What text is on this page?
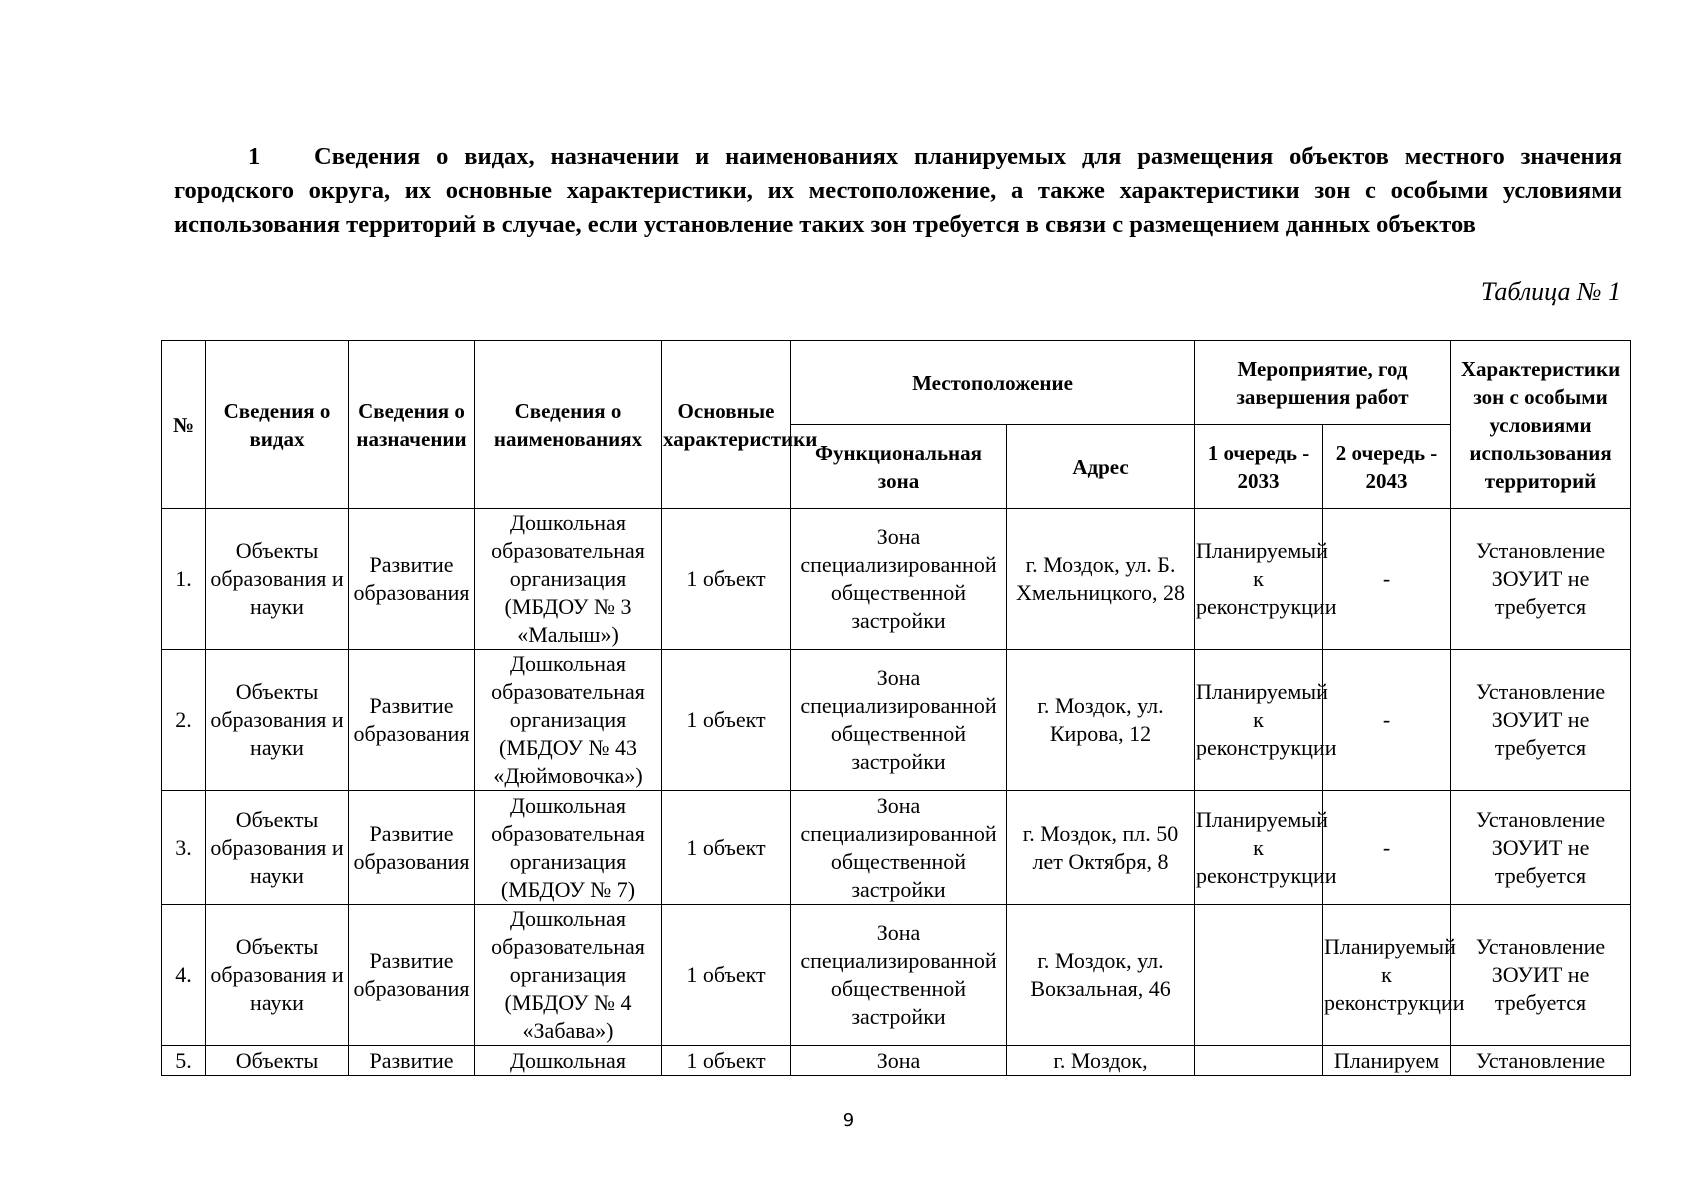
1 Сведения о видах, назначении и наименованиях планируемых для размещения объектов местного значения городского округа, их основные характеристики, их местоположение, а также характеристики зон с особыми условиями использования территорий в случае, если установление таких зон требуется в связи с размещением данных объектов

Таблица № 1

№	Сведения о видах	Сведения о назначении	Сведения о наименованиях	Основные характеристики	Местоположение		Мероприятие, год завершения работ		Характеристики зон с особыми условиями использования территорий
					Функциональная зона	Адрес	1 очередь - 2033	2 очередь - 2043	
1.	Объекты образования и науки	Развитие образования	Дошкольная образовательная организация (МБДОУ № 3 «Малыш»)	1 объект	Зона специализированной общественной застройки	г. Моздок, ул. Б. Хмельницкого, 28	Планируемый к реконструкции	-	Установление ЗОУИТ не требуется
2.	Объекты образования и науки	Развитие образования	Дошкольная образовательная организация (МБДОУ № 43 «Дюймовочка»)	1 объект	Зона специализированной общественной застройки	г. Моздок, ул. Кирова, 12	Планируемый к реконструкции	-	Установление ЗОУИТ не требуется
3.	Объекты образования и науки	Развитие образования	Дошкольная образовательная организация (МБДОУ № 7)	1 объект	Зона специализированной общественной застройки	г. Моздок, пл. 50 лет Октября, 8	Планируемый к реконструкции	-	Установление ЗОУИТ не требуется
4.	Объекты образования и науки	Развитие образования	Дошкольная образовательная организация (МБДОУ № 4 «Забава»)	1 объект	Зона специализированной общественной застройки	г. Моздок, ул. Вокзальная, 46		Планируемый к реконструкции	Установление ЗОУИТ не требуется
5.	Объекты	Развитие	Дошкольная	1 объект	Зона	г. Моздок,		Планируем	Установление

9
